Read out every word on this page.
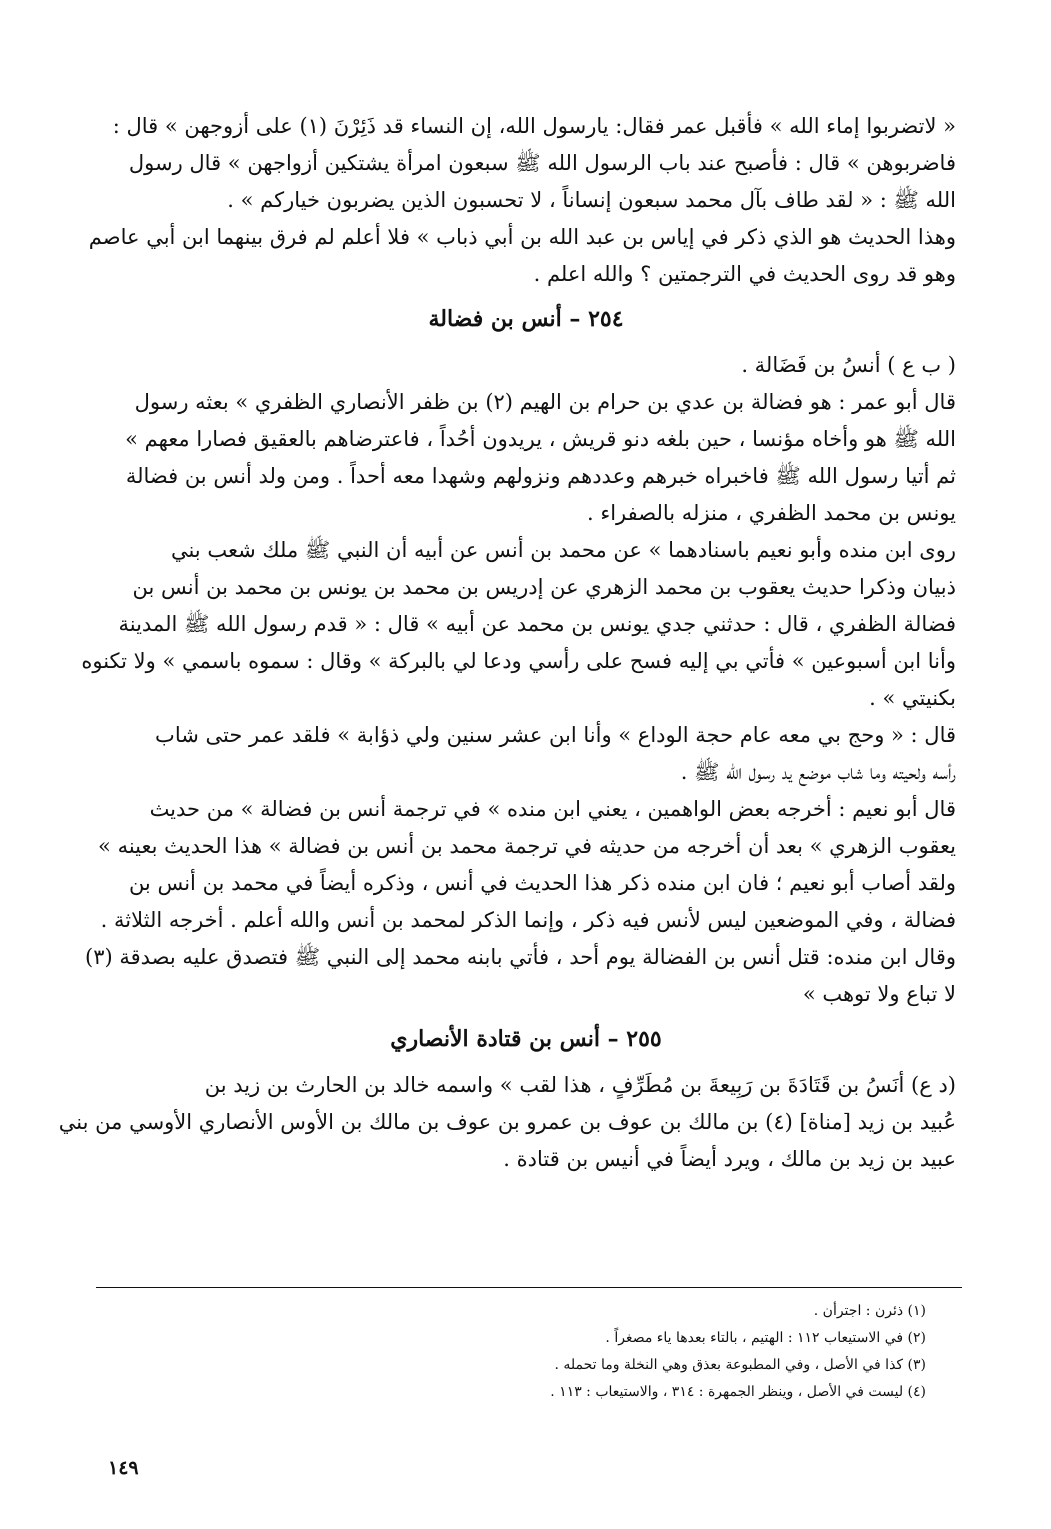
« لاتضربوا إماء الله » فأقبل عمر فقال: يارسول الله، إن النساء قد ذَئِرْنَ (١) على أزوجهن » قال :
فاضربوهن » قال : فأصبح عند باب الرسول الله ﷺ سبعون امرأة يشتكين أزواجهن » قال رسول
الله ﷺ : « لقد طاف بآل محمد سبعون إنساناً ، لا تحسبون الذين يضربون خياركم » .

وهذا الحديث هو الذي ذكر في إياس بن عبد الله بن أبي ذباب » فلا أعلم لم فرق بينهما ابن أبي عاصم
وهو قد روى الحديث في الترجمتين ؟ والله اعلم .

٢٥٤ – أنس بن فضالة

( ب ع ) أنسُ بن فَضَالة .

قال أبو عمر : هو فضالة بن عدي بن حرام بن الهيم (٢) بن ظفر الأنصاري الظفري » بعثه رسول
الله ﷺ هو وأخاه مؤنسا ، حين بلغه دنو قريش ، يريدون أحُداً ، فاعترضاهم بالعقيق فصارا معهم »
ثم أتيا رسول الله ﷺ فاخبراه خبرهم وعددهم ونزولهم وشهدا معه أحداً . ومن ولد أنس بن فضالة
يونس بن محمد الظفري ، منزله بالصفراء .

روى ابن منده وأبو نعيم باسنادهما » عن محمد بن أنس عن أبيه أن النبي ﷺ ملك شعب بني
ذبيان وذكرا حديث يعقوب بن محمد الزهري عن إدريس بن محمد بن يونس بن محمد بن أنس بن
فضالة الظفري ، قال : حدثني جدي يونس بن محمد عن أبيه » قال : « قدم رسول الله ﷺ المدينة
وأنا ابن أسبوعين » فأتي بي إليه فسح على رأسي ودعا لي بالبركة » وقال : سموه باسمي » ولا تكنوه
بكنيتي » .

قال : « وحج بي معه عام حجة الوداع » وأنا ابن عشر سنين ولي ذؤابة » فلقد عمر حتى شاب
رأسه ولحيته وما شاب موضع يد رسول الله ﷺ .

قال أبو نعيم : أخرجه بعض الواهمين ، يعني ابن منده » في ترجمة أنس بن فضالة » من حديث
يعقوب الزهري » بعد أن أخرجه من حديثه في ترجمة محمد بن أنس بن فضالة » هذا الحديث بعينه »
ولقد أصاب أبو نعيم ؛ فان ابن منده ذكر هذا الحديث في أنس ، وذكره أيضاً في محمد بن أنس بن
فضالة ، وفي الموضعين ليس لأنس فيه ذكر ، وإنما الذكر لمحمد بن أنس والله أعلم . أخرجه الثلاثة .

وقال ابن منده: قتل أنس بن الفضالة يوم أحد ، فأتي بابنه محمد إلى النبي ﷺ فتصدق عليه بصدقة (٣)
لا تباع ولا توهب »

٢٥٥ – أنس بن قتادة الأنصاري

(د ع) أنَسُ بن قَتَادَةَ بن رَبِيعةَ بن مُطَرِّفٍ ، هذا لقب » واسمه خالد بن الحارث بن زيد بن
عُبيد بن زيد [مناة] (٤) بن مالك بن عوف بن عمرو بن عوف بن مالك بن الأوس الأنصاري الأوسي من بني
عبيد بن زيد بن مالك ، ويرد أيضاً في أنيس بن قتادة .

(١) ذئرن : اجترأن .
(٢) في الاستيعاب ١١٢ : الهتيم ، بالتاء بعدها ياء مصغراً .
(٣) كذا في الأصل ، وفي المطبوعة بعذق وهي النخلة وما تحمله .
(٤) ليست في الأصل ، وينظر الجمهرة : ٣١٤ ، والاستيعاب : ١١٣ .
١٤٩
